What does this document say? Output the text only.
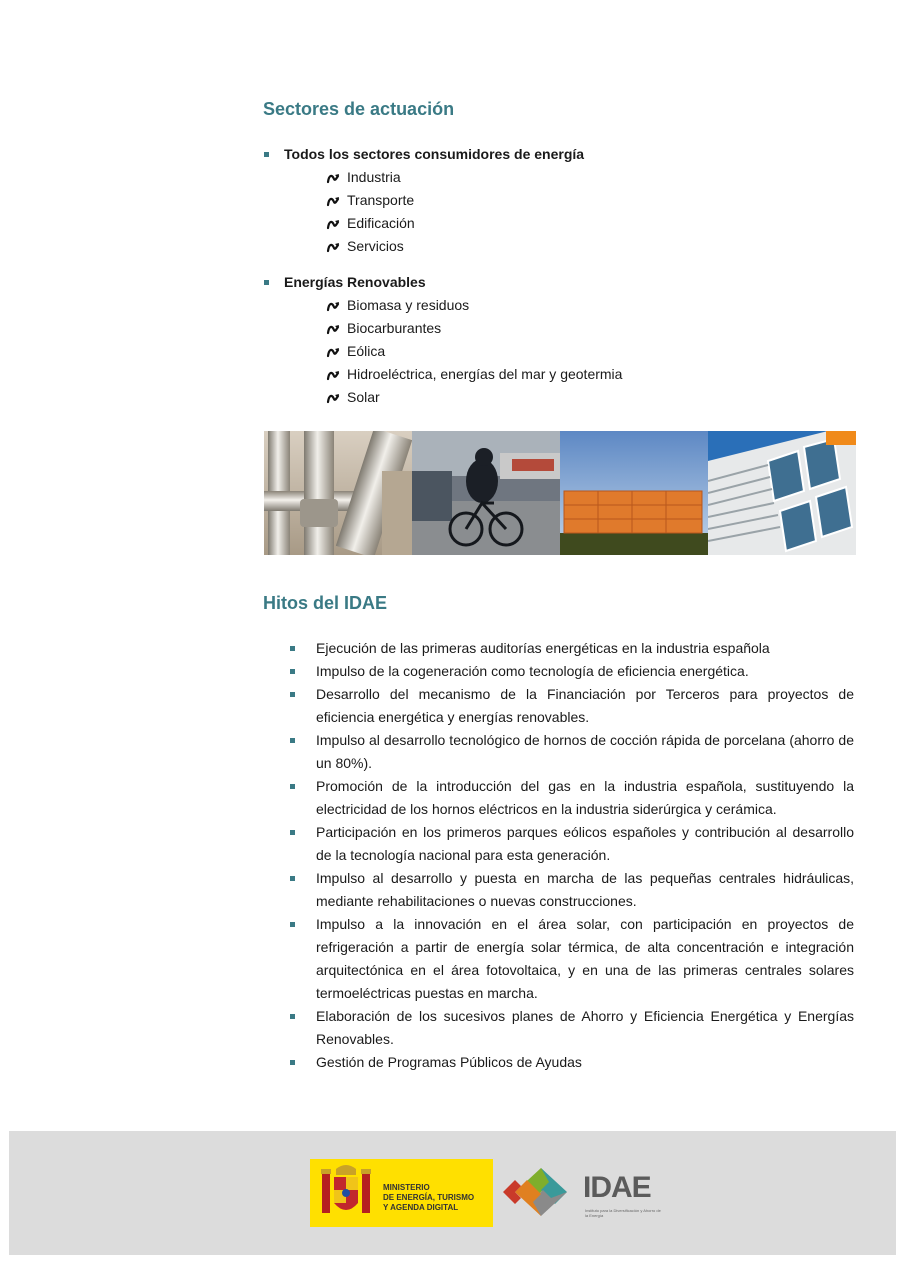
Sectores de actuación
Todos los sectores consumidores de energía
Industria
Transporte
Edificación
Servicios
Energías Renovables
Biomasa y residuos
Biocarburantes
Eólica
Hidroeléctrica, energías del mar y geotermia
Solar
Hitos del IDAE
Ejecución de las primeras auditorías energéticas en la industria española
Impulso de la cogeneración como tecnología de eficiencia energética.
Desarrollo del mecanismo de la Financiación por Terceros para proyectos de eficiencia energética y energías renovables.
Impulso al desarrollo tecnológico de hornos de cocción rápida de porcelana (ahorro de un 80%).
Promoción de la introducción del gas en la industria española, sustituyendo la electricidad de los hornos eléctricos en la industria siderúrgica y cerámica.
Participación en los primeros parques eólicos españoles y contribución al desarrollo de la tecnología nacional para esta generación.
Impulso al desarrollo y puesta en marcha de las pequeñas centrales hidráulicas, mediante rehabilitaciones o nuevas construcciones.
Impulso a la innovación en el área solar, con participación en proyectos de refrigeración a partir de energía solar térmica, de alta concentración e integración arquitectónica en el área fotovoltaica, y en una de las primeras centrales solares termoeléctricas puestas en marcha.
Elaboración de los sucesivos planes de Ahorro y Eficiencia Energética y Energías Renovables.
Gestión de Programas Públicos de Ayudas
MINISTERIO
DE ENERGÍA, TURISMO
Y AGENDA DIGITAL
IDAE
Instituto para la Diversificación y Ahorro de la Energía
